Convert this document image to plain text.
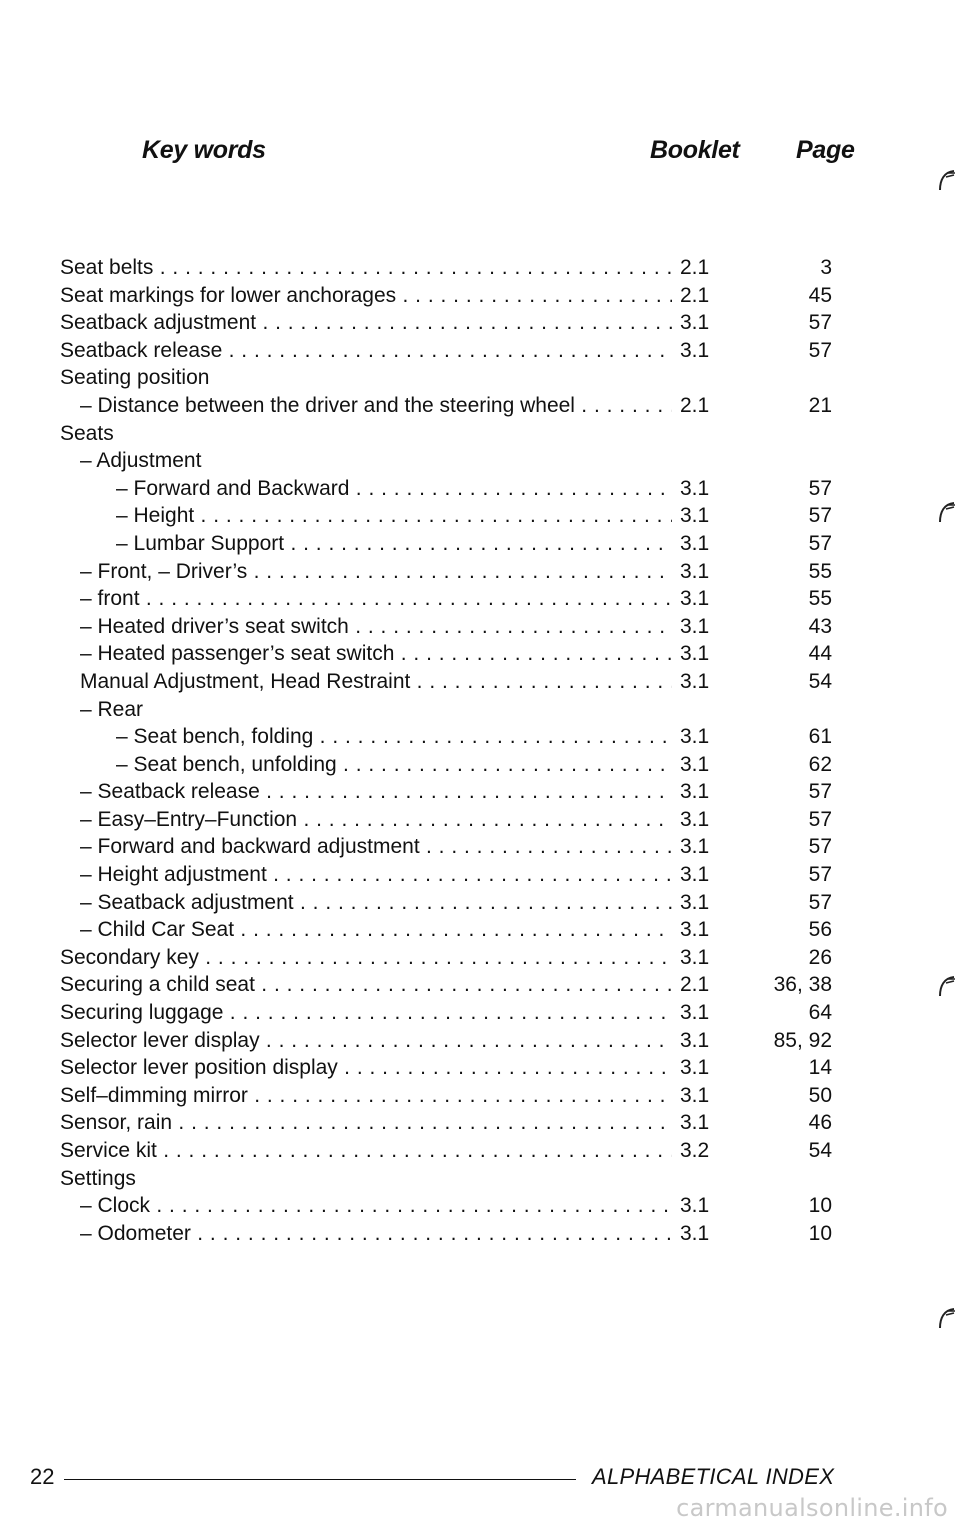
Key words	Booklet Page
Seat belts . . .	2.1	3
Seat markings for lower anchorages . . .	2.1	45
Seatback adjustment . . .	3.1	57
Seatback release . . .	3.1	57
Seating position
– Distance between the driver and the steering wheel . . .	2.1	21
Seats
– Adjustment
– Forward and Backward . . .	3.1	57
– Height . . .	3.1	57
– Lumbar Support . . .	3.1	57
– Front, – Driver’s . . .	3.1	55
– front . . .	3.1	55
– Heated driver’s seat switch . . .	3.1	43
– Heated passenger’s seat switch . . .	3.1	44
Manual Adjustment, Head Restraint . . .	3.1	54
– Rear
– Seat bench, folding . . .	3.1	61
– Seat bench, unfolding . . .	3.1	62
– Seatback release . . .	3.1	57
– Easy–Entry–Function . . .	3.1	57
– Forward and backward adjustment . . .	3.1	57
– Height adjustment . . .	3.1	57
– Seatback adjustment . . .	3.1	57
– Child Car Seat . . .	3.1	56
Secondary key . . .	3.1	26
Securing a child seat . . .	2.1	36, 38
Securing luggage . . .	3.1	64
Selector lever display . . .	3.1	85, 92
Selector lever position display . . .	3.1	14
Self–dimming mirror . . .	3.1	50
Sensor, rain . . .	3.1	46
Service kit . . .	3.2	54
Settings
– Clock . . .	3.1	10
– Odometer . . .	3.1	10
22	ALPHABETICAL INDEX
carmanualsonline.info
